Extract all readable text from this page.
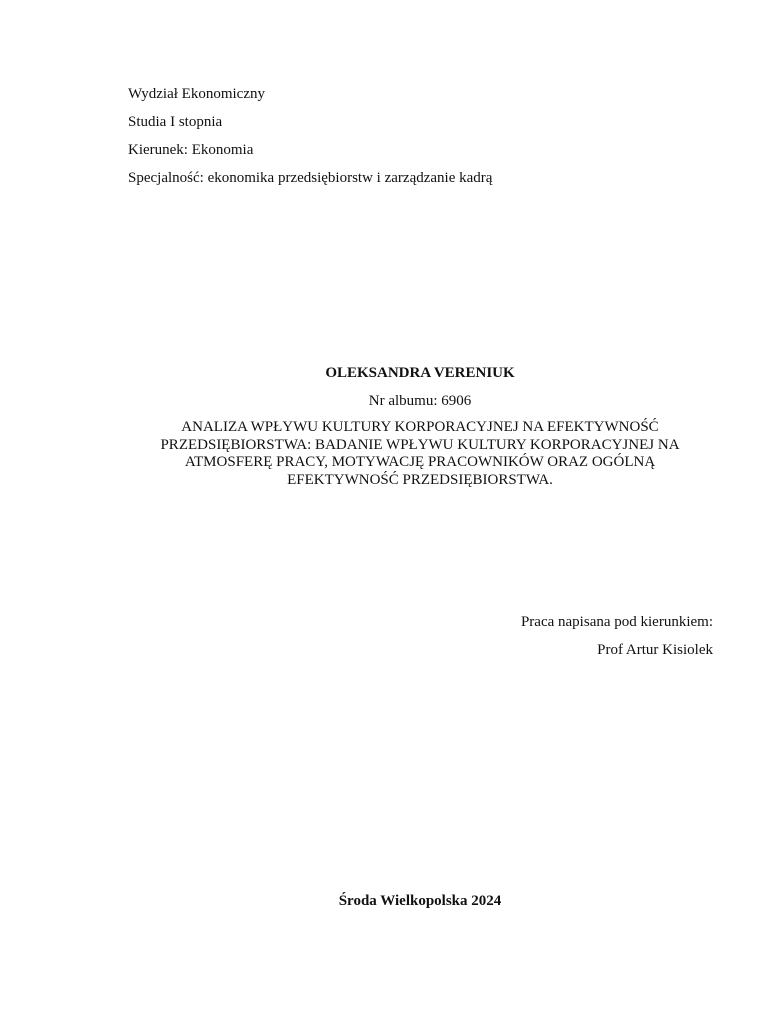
Wydział Ekonomiczny
Studia I stopnia
Kierunek: Ekonomia
Specjalność: ekonomika przedsiębiorstw i zarządzanie kadrą
OLEKSANDRA VERENIUK
Nr albumu: 6906
ANALIZA WPŁYWU KULTURY KORPORACYJNEJ NA EFEKTYWNOŚĆ
PRZEDSIĘBIORSTWA: BADANIE WPŁYWU KULTURY KORPORACYJNEJ NA
ATMOSFERĘ PRACY, MOTYWACJĘ PRACOWNIKÓW ORAZ OGÓLNĄ
EFEKTYWNOŚĆ PRZEDSIĘBIORSTWA.
Praca napisana pod kierunkiem:
Prof Artur Kisiolek
Środa Wielkopolska 2024
